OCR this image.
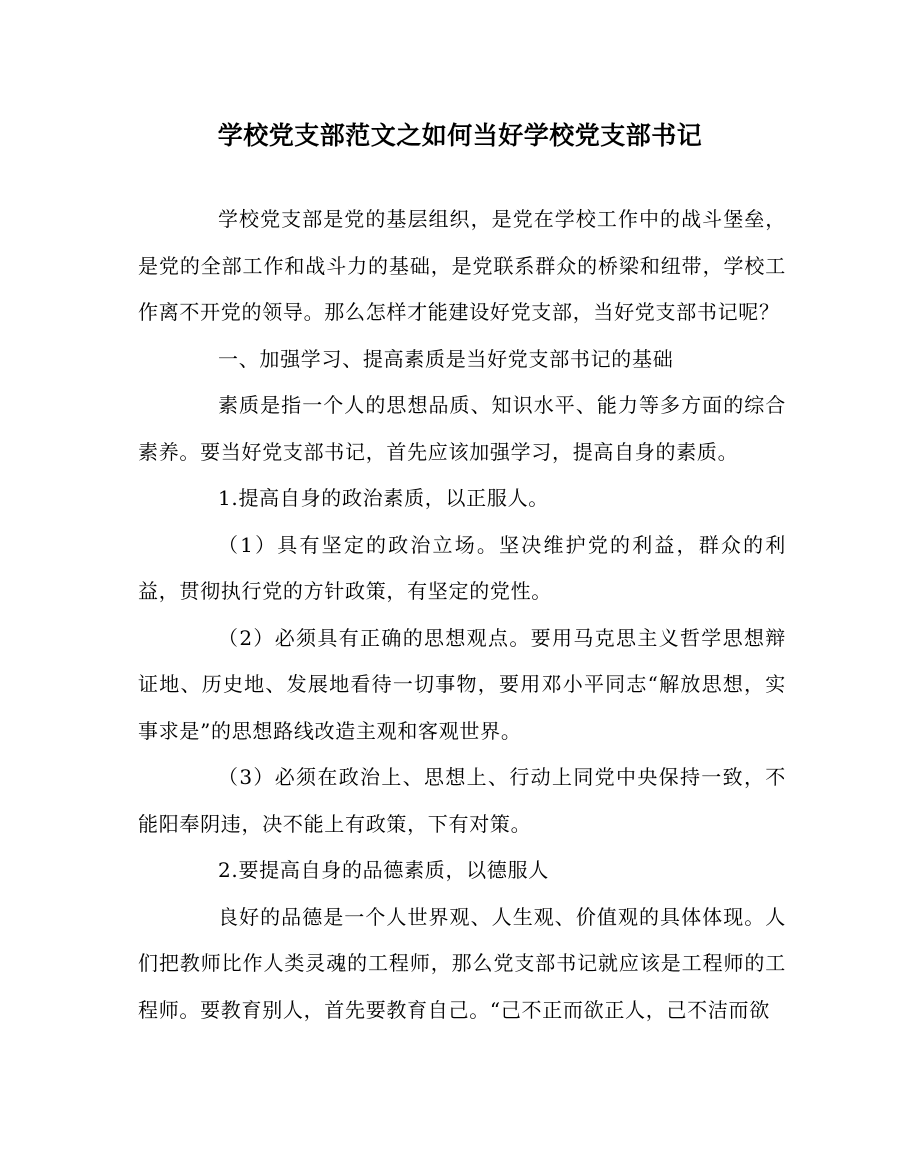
学校党支部范文之如何当好学校党支部书记

学校党支部是党的基层组织，是党在学校工作中的战斗堡垒，是党的全部工作和战斗力的基础，是党联系群众的桥梁和纽带，学校工作离不开党的领导。那么怎样才能建设好党支部，当好党支部书记呢？

一、加强学习、提高素质是当好党支部书记的基础

素质是指一个人的思想品质、知识水平、能力等多方面的综合素养。要当好党支部书记，首先应该加强学习，提高自身的素质。

1.提高自身的政治素质，以正服人。

（1）具有坚定的政治立场。坚决维护党的利益，群众的利益，贯彻执行党的方针政策，有坚定的党性。

（2）必须具有正确的思想观点。要用马克思主义哲学思想辩证地、历史地、发展地看待一切事物，要用邓小平同志“解放思想，实事求是”的思想路线改造主观和客观世界。

（3）必须在政治上、思想上、行动上同党中央保持一致，不能阳奉阴违，决不能上有政策，下有对策。

2.要提高自身的品德素质，以德服人

良好的品德是一个人世界观、人生观、价值观的具体体现。人们把教师比作人类灵魂的工程师，那么党支部书记就应该是工程师的工程师。要教育别人，首先要教育自己。“己不正而欲正人，己不洁而欲
